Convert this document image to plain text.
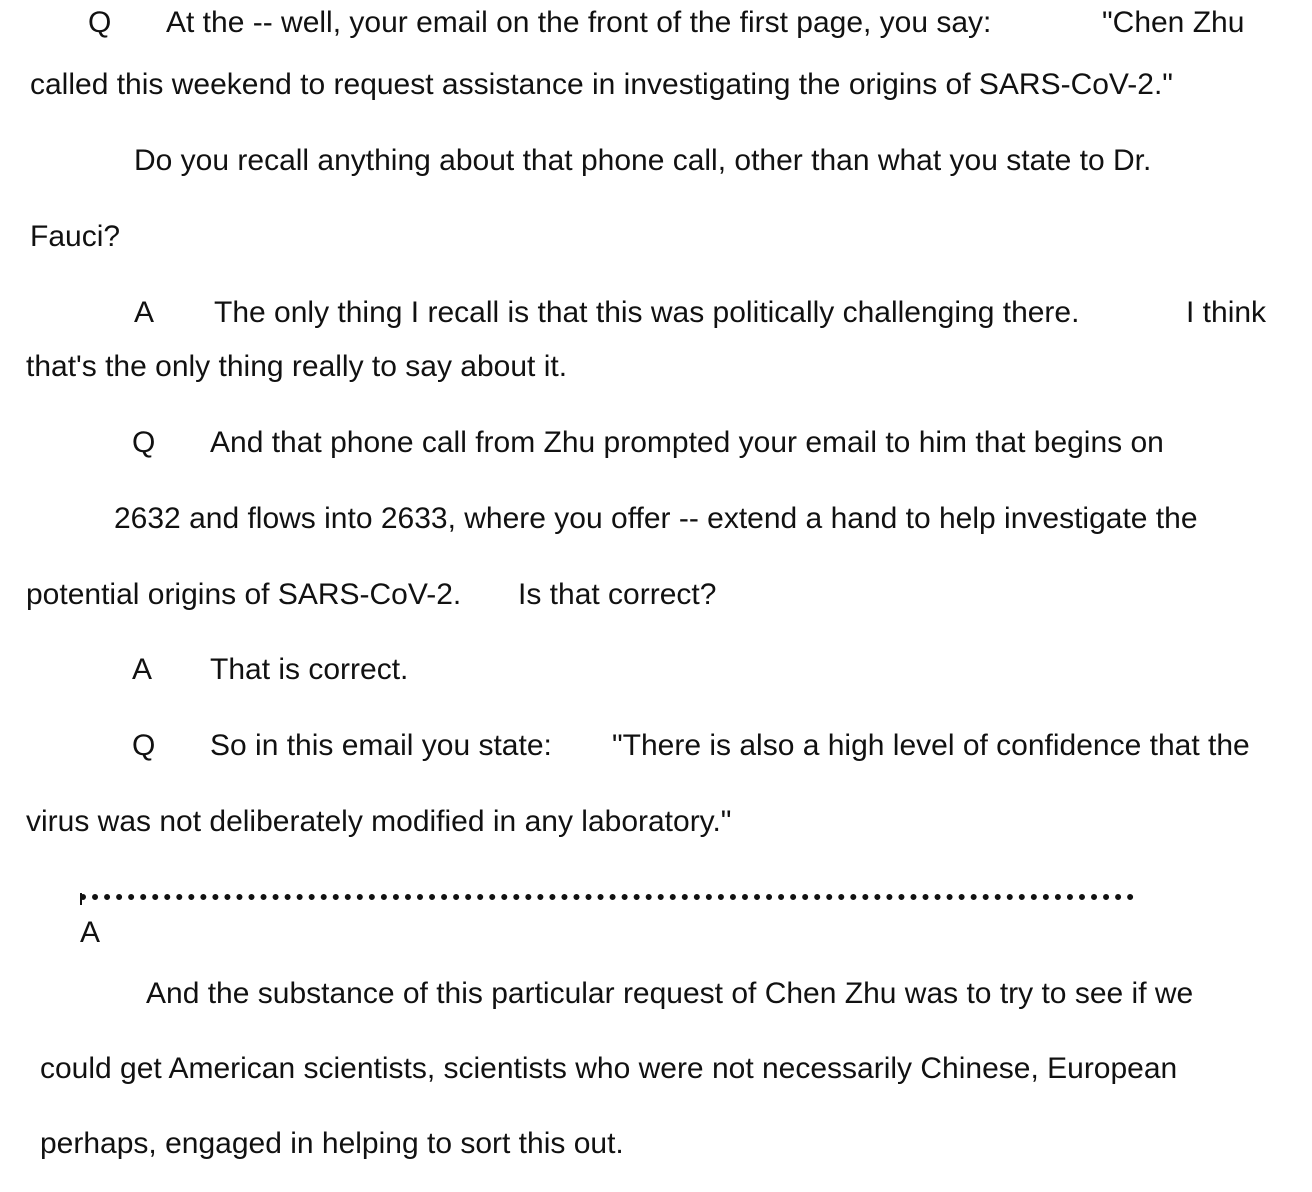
Q At the -- well, your email on the front of the first page, you say:	"Chen Zhu
called this weekend to request assistance in investigating the origins of SARS-CoV-2."
Do you recall anything about that phone call, other than what you state to Dr.
Fauci?
A The only thing I recall is that this was politically challenging there.	I think
that's the only thing really to say about it.
Q And that phone call from Zhu prompted your email to him that begins on
2632 and flows into 2633, where you offer -- extend a hand to help investigate the
potential origins of SARS-CoV-2. Is that correct?
A That is correct.
Q So in this email you state: "There is also a high level of confidence that the
virus was not deliberately modified in any laboratory."
A
And the substance of this particular request of Chen Zhu was to try to see if we
could get American scientists, scientists who were not necessarily Chinese, European
perhaps, engaged in helping to sort this out.
